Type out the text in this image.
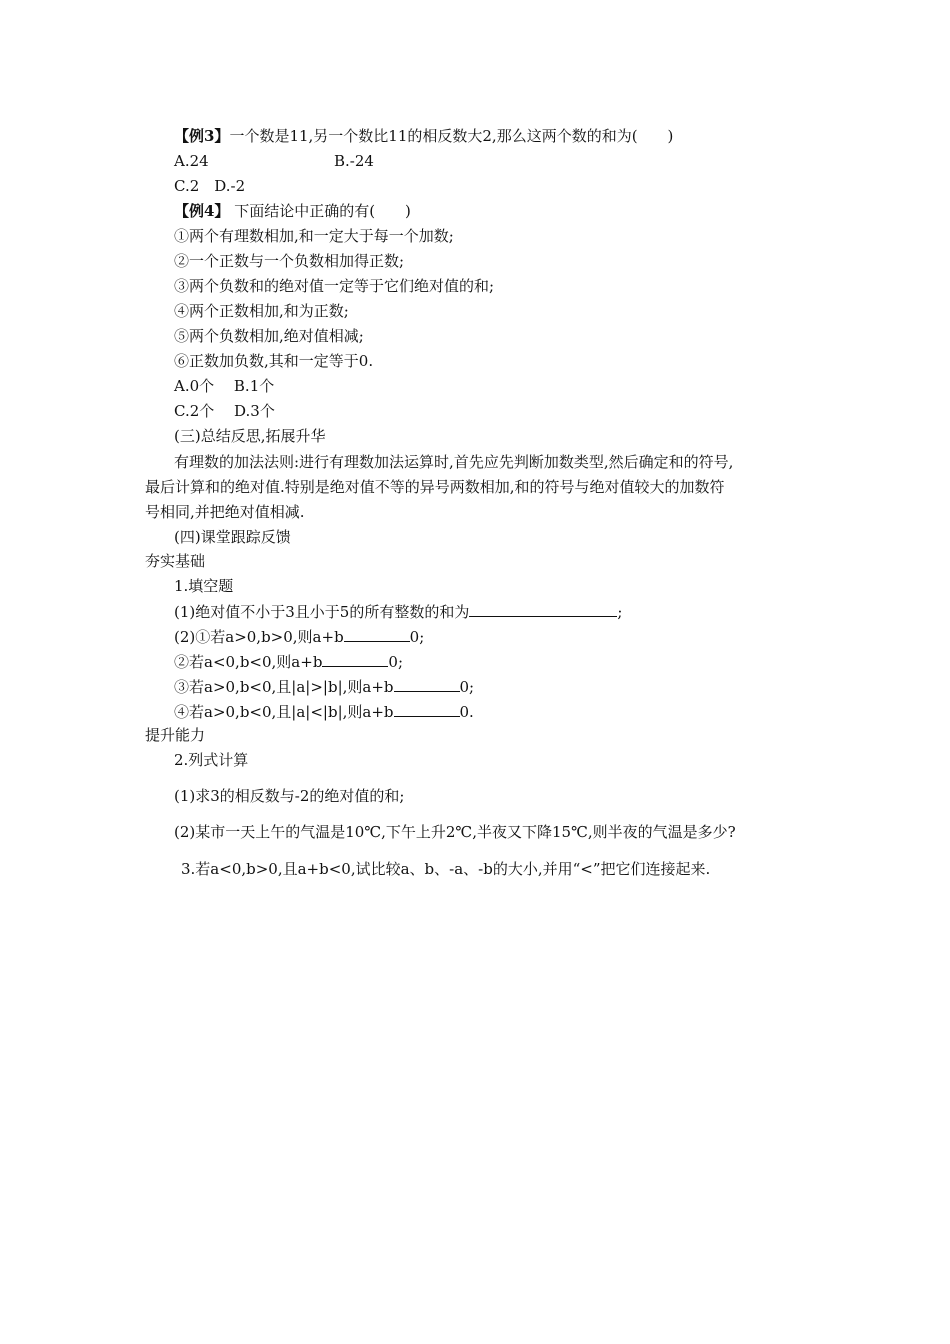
【例3】一个数是11,另一个数比11的相反数大2,那么这两个数的和为(　　)
A.24	B.-24
C.2　D.-2
【例4】 下面结论中正确的有(　　)
①两个有理数相加,和一定大于每一个加数;
②一个正数与一个负数相加得正数;
③两个负数和的绝对值一定等于它们绝对值的和;
④两个正数相加,和为正数;
⑤两个负数相加,绝对值相减;
⑥正数加负数,其和一定等于0.
A.0个　 B.1个
C.2个　 D.3个
(三)总结反思,拓展升华
有理数的加法法则:进行有理数加法运算时,首先应先判断加数类型,然后确定和的符号,
最后计算和的绝对值.特别是绝对值不等的异号两数相加,和的符号与绝对值较大的加数符
号相同,并把绝对值相减.
(四)课堂跟踪反馈
夯实基础
1.填空题
(1)绝对值不小于3且小于5的所有整数的和为	;
(2)①若a>0,b>0,则a+b	0;
②若a<0,b<0,则a+b	0;
③若a>0,b<0,且|a|>|b|,则a+b	0;
④若a>0,b<0,且|a|<|b|,则a+b	0.
提升能力
2.列式计算
(1)求3的相反数与-2的绝对值的和;
(2)某市一天上午的气温是10℃,下午上升2℃,半夜又下降15℃,则半夜的气温是多少?
3.若a<0,b>0,且a+b<0,试比较a、b、-a、-b的大小,并用“<”把它们连接起来.
